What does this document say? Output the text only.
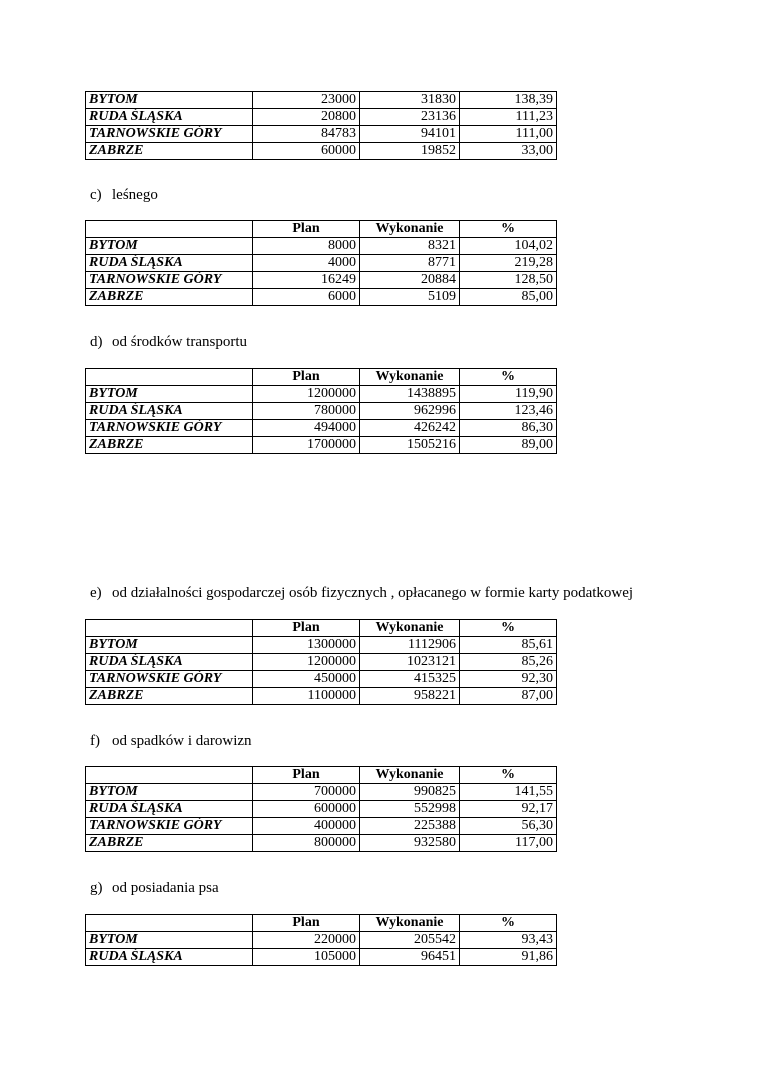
BYTOM	23000	31830	138,39
RUDA ŚLĄSKA	20800	23136	111,23
TARNOWSKIE GÓRY	84783	94101	111,00
ZABRZE	60000	19852	33,00
c) leśnego
	Plan	Wykonanie	%
BYTOM	8000	8321	104,02
RUDA ŚLĄSKA	4000	8771	219,28
TARNOWSKIE GÓRY	16249	20884	128,50
ZABRZE	6000	5109	85,00
d) od środków transportu
	Plan	Wykonanie	%
BYTOM	1200000	1438895	119,90
RUDA ŚLĄSKA	780000	962996	123,46
TARNOWSKIE GÓRY	494000	426242	86,30
ZABRZE	1700000	1505216	89,00
e) od działalności gospodarczej osób fizycznych , opłacanego w formie karty podatkowej
	Plan	Wykonanie	%
BYTOM	1300000	1112906	85,61
RUDA ŚLĄSKA	1200000	1023121	85,26
TARNOWSKIE GÓRY	450000	415325	92,30
ZABRZE	1100000	958221	87,00
f) od spadków i darowizn
	Plan	Wykonanie	%
BYTOM	700000	990825	141,55
RUDA ŚLĄSKA	600000	552998	92,17
TARNOWSKIE GÓRY	400000	225388	56,30
ZABRZE	800000	932580	117,00
g) od posiadania psa
	Plan	Wykonanie	%
BYTOM	220000	205542	93,43
RUDA ŚLĄSKA	105000	96451	91,86
